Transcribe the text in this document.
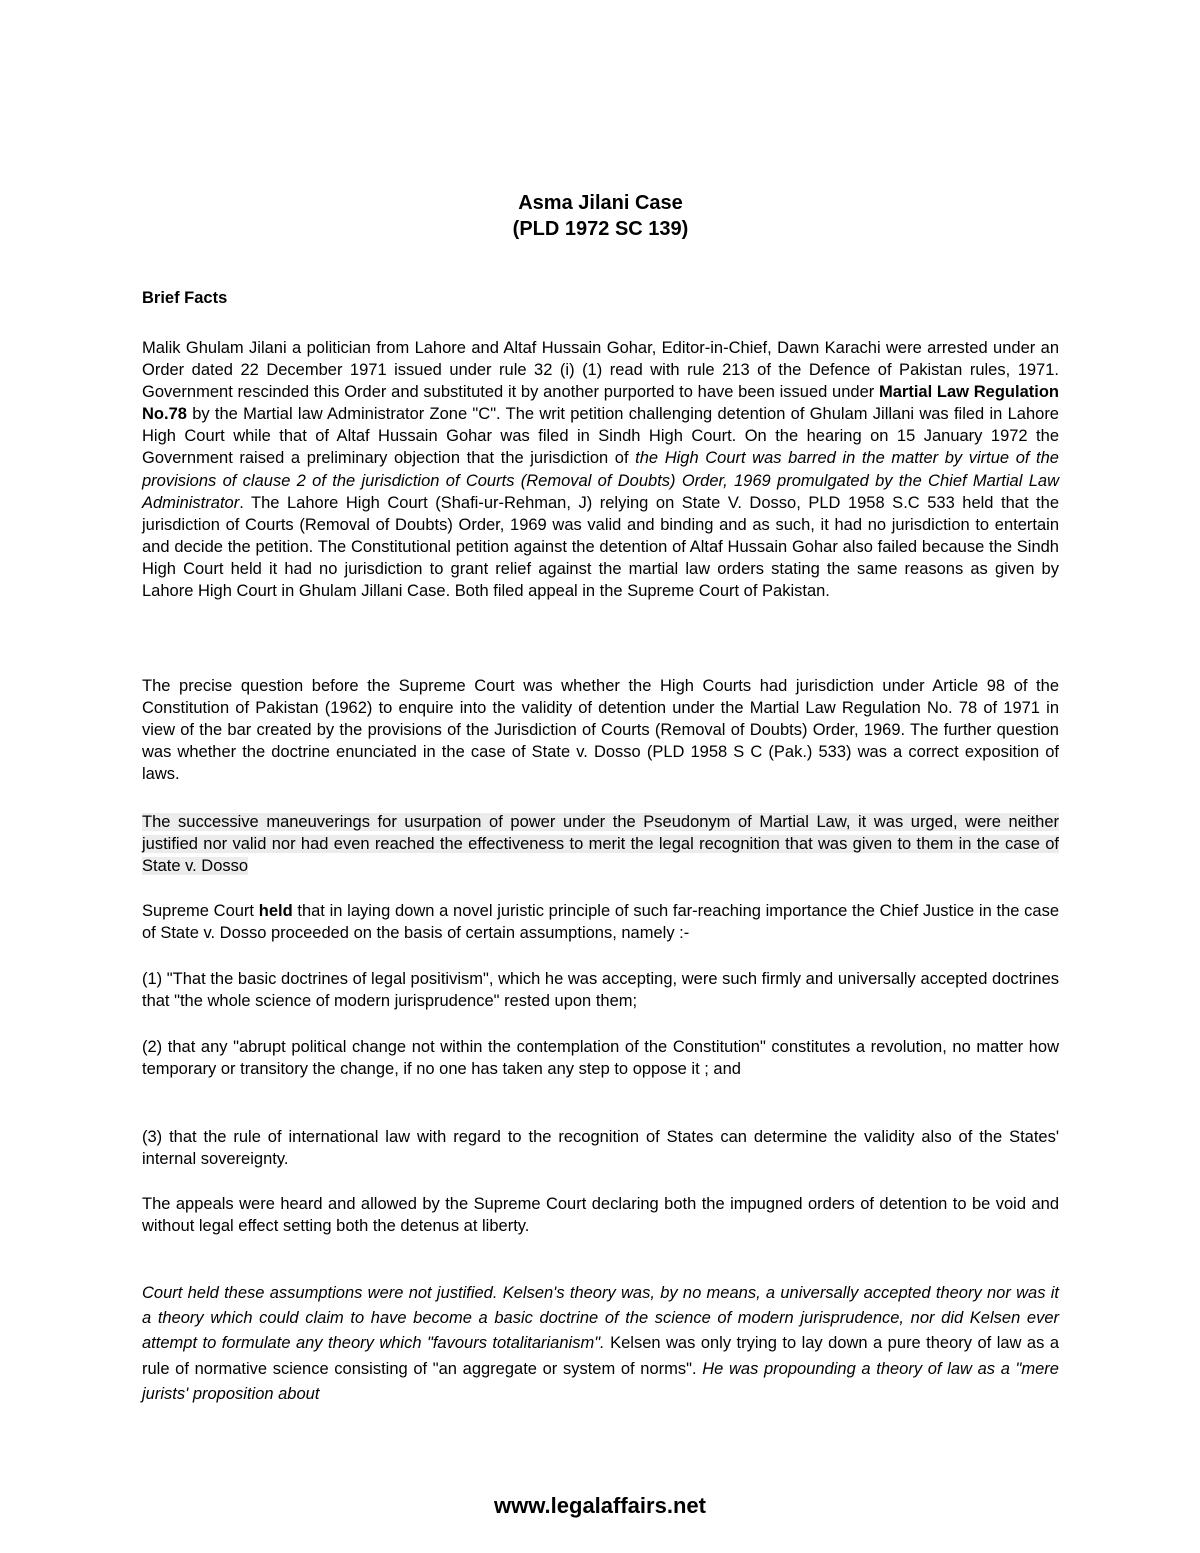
Asma Jilani Case
(PLD 1972 SC 139)
Brief Facts

Malik Ghulam Jilani a politician from Lahore and Altaf Hussain Gohar, Editor-in-Chief, Dawn Karachi were arrested under an Order dated 22 December 1971 issued under rule 32 (i) (1) read with rule 213 of the Defence of Pakistan rules, 1971. Government rescinded this Order and substituted it by another purported to have been issued under Martial Law Regulation No.78 by the Martial law Administrator Zone "C". The writ petition challenging detention of Ghulam Jillani was filed in Lahore High Court while that of Altaf Hussain Gohar was filed in Sindh High Court. On the hearing on 15 January 1972 the Government raised a preliminary objection that the jurisdiction of the High Court was barred in the matter by virtue of the provisions of clause 2 of the jurisdiction of Courts (Removal of Doubts) Order, 1969 promulgated by the Chief Martial Law Administrator. The Lahore High Court (Shafi-ur-Rehman, J) relying on State V. Dosso, PLD 1958 S.C 533 held that the jurisdiction of Courts (Removal of Doubts) Order, 1969 was valid and binding and as such, it had no jurisdiction to entertain and decide the petition. The Constitutional petition against the detention of Altaf Hussain Gohar also failed because the Sindh High Court held it had no jurisdiction to grant relief against the martial law orders stating the same reasons as given by Lahore High Court in Ghulam Jillani Case. Both filed appeal in the Supreme Court of Pakistan.

The precise question before the Supreme Court was whether the High Courts had jurisdiction under Article 98 of the Constitution of Pakistan (1962) to enquire into the validity of detention under the Martial Law Regulation No. 78 of 1971 in view of the bar created by the provisions of the Jurisdiction of Courts (Removal of Doubts) Order, 1969. The further question was whether the doctrine enunciated in the case of State v. Dosso (PLD 1958 S C (Pak.) 533) was a correct exposition of laws.

The successive maneuverings for usurpation of power under the Pseudonym of Martial Law, it was urged, were neither justified nor valid nor had even reached the effectiveness to merit the legal recognition that was given to them in the case of State v. Dosso

Supreme Court held that in laying down a novel juristic principle of such far-reaching importance the Chief Justice in the case of State v. Dosso proceeded on the basis of certain assumptions, namely :-

(1) "That the basic doctrines of legal positivism", which he was accepting, were such firmly and universally accepted doctrines that "the whole science of modern jurisprudence" rested upon them;

(2) that any "abrupt political change not within the contemplation of the Constitution" constitutes a revolution, no matter how temporary or transitory the change, if no one has taken any step to oppose it ; and

(3) that the rule of international law with regard to the recognition of States can determine the validity also of the States' internal sovereignty.

The appeals were heard and allowed by the Supreme Court declaring both the impugned orders of detention to be void and without legal effect setting both the detenus at liberty.

Court held these assumptions were not justified. Kelsen's theory was, by no means, a universally accepted theory nor was it a theory which could claim to have become a basic doctrine of the science of modern jurisprudence, nor did Kelsen ever attempt to formulate any theory which "favours totalitarianism". Kelsen was only trying to lay down a pure theory of law as a rule of normative science consisting of "an aggregate or system of norms". He was propounding a theory of law as a "mere jurists' proposition about

www.legalaffairs.net
